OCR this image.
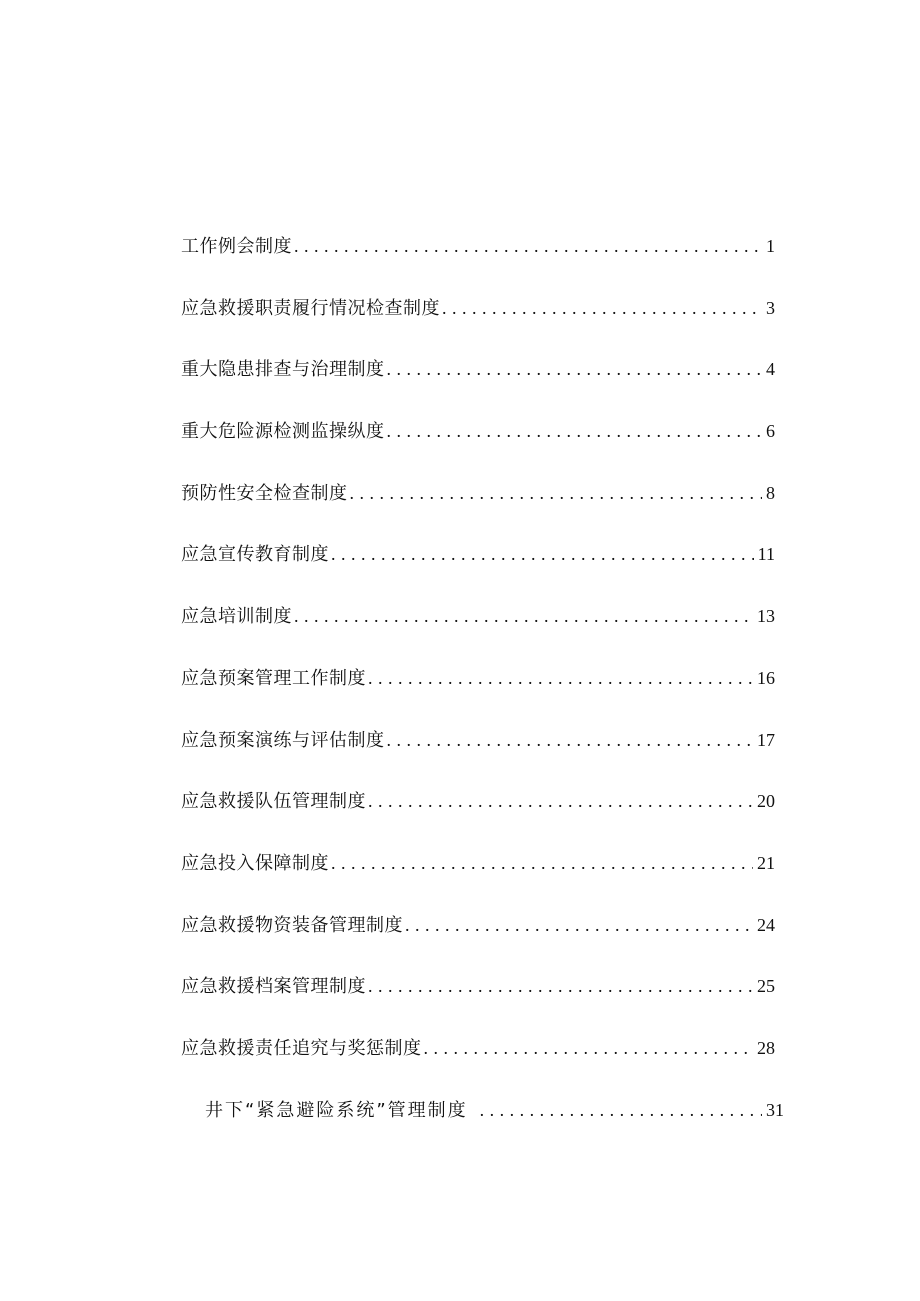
工作例会制度 . . .	1
应急救援职责履行情况检查制度 . . .	3
重大隐患排查与治理制度 . . .	4
重大危险源检测监操纵度 . . .	6
预防性安全检查制度 . . .	8
应急宣传教育制度 . . .	11
应急培训制度 . . .	13
应急预案管理工作制度 . . .	16
应急预案演练与评估制度 . . .	17
应急救援队伍管理制度 . . .	20
应急投入保障制度 . . .	21
应急救援物资装备管理制度 . . .	24
应急救援档案管理制度 . . .	25
应急救援责任追究与奖惩制度 . . .	28
井下“紧急避险系统”管理制度 . . .	31
